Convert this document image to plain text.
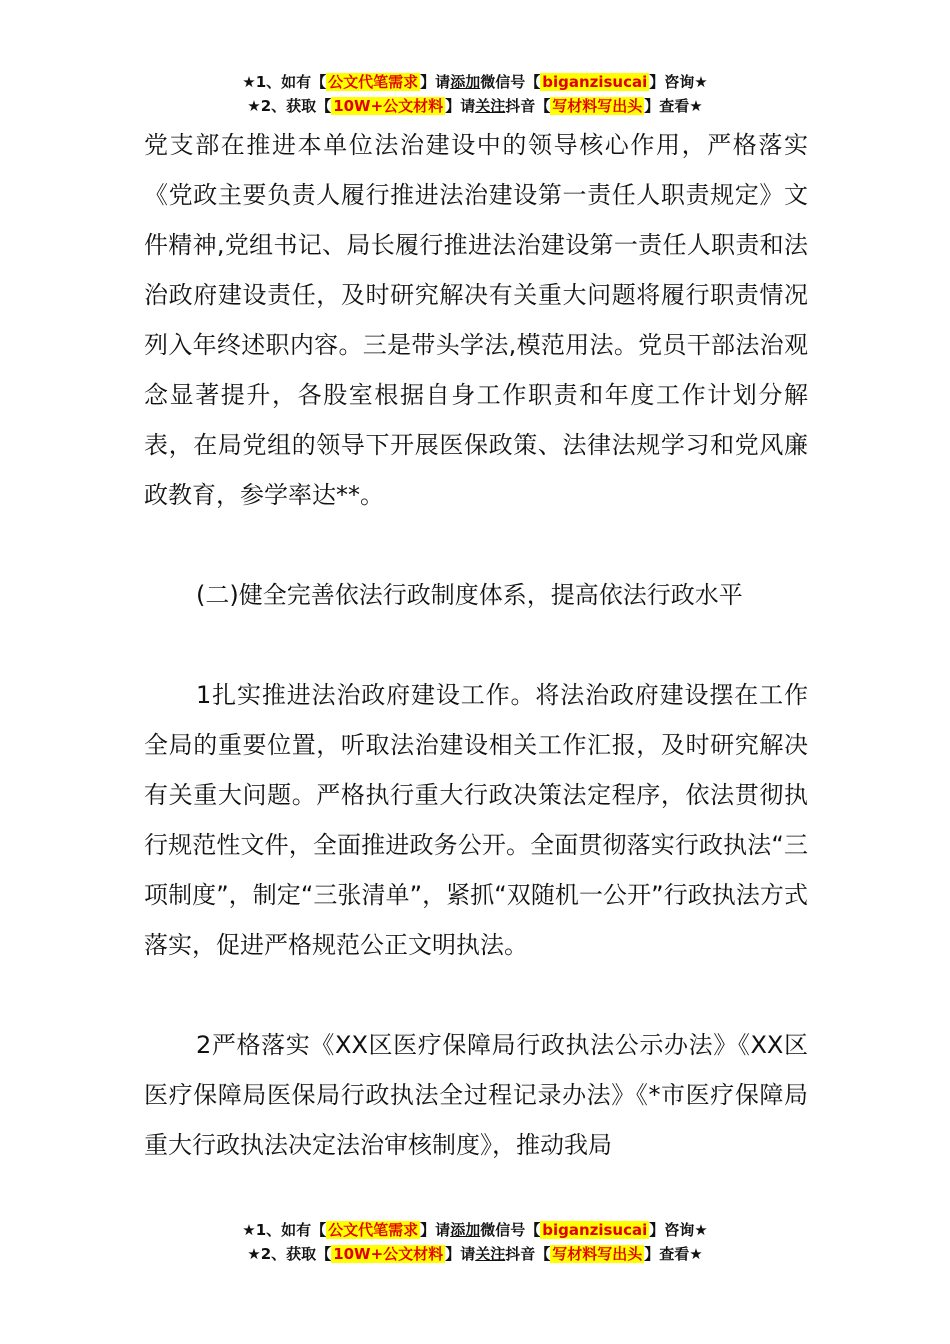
★1、如有【 公文代笔需求 】请添加微信号【 biganzisucai 】咨询★
★2、获取【 10W+公文材料 】请关注抖音【 写材料写出头 】查看★

党支部在推进本单位法治建设中的领导核心作用，严格落实《党政主要负责人履行推进法治建设第一责任人职责规定》文件精神,党组书记、局长履行推进法治建设第一责任人职责和法治政府建设责任，及时研究解决有关重大问题将履行职责情况列入年终述职内容。三是带头学法,模范用法。党员干部法治观念显著提升，各股室根据自身工作职责和年度工作计划分解表，在局党组的领导下开展医保政策、法律法规学习和党风廉政教育，参学率达**。

(二)健全完善依法行政制度体系，提高依法行政水平

1扎实推进法治政府建设工作。将法治政府建设摆在工作全局的重要位置，听取法治建设相关工作汇报，及时研究解决有关重大问题。严格执行重大行政决策法定程序，依法贯彻执行规范性文件，全面推进政务公开。全面贯彻落实行政执法“三项制度”，制定“三张清单”，紧抓“双随机一公开”行政执法方式落实，促进严格规范公正文明执法。

2严格落实《XX区医疗保障局行政执法公示办法》《XX区医疗保障局医保局行政执法全过程记录办法》《*市医疗保障局重大行政执法决定法治审核制度》，推动我局

★1、如有【 公文代笔需求 】请添加微信号【 biganzisucai 】咨询★
★2、获取【 10W+公文材料 】请关注抖音【 写材料写出头 】查看★
